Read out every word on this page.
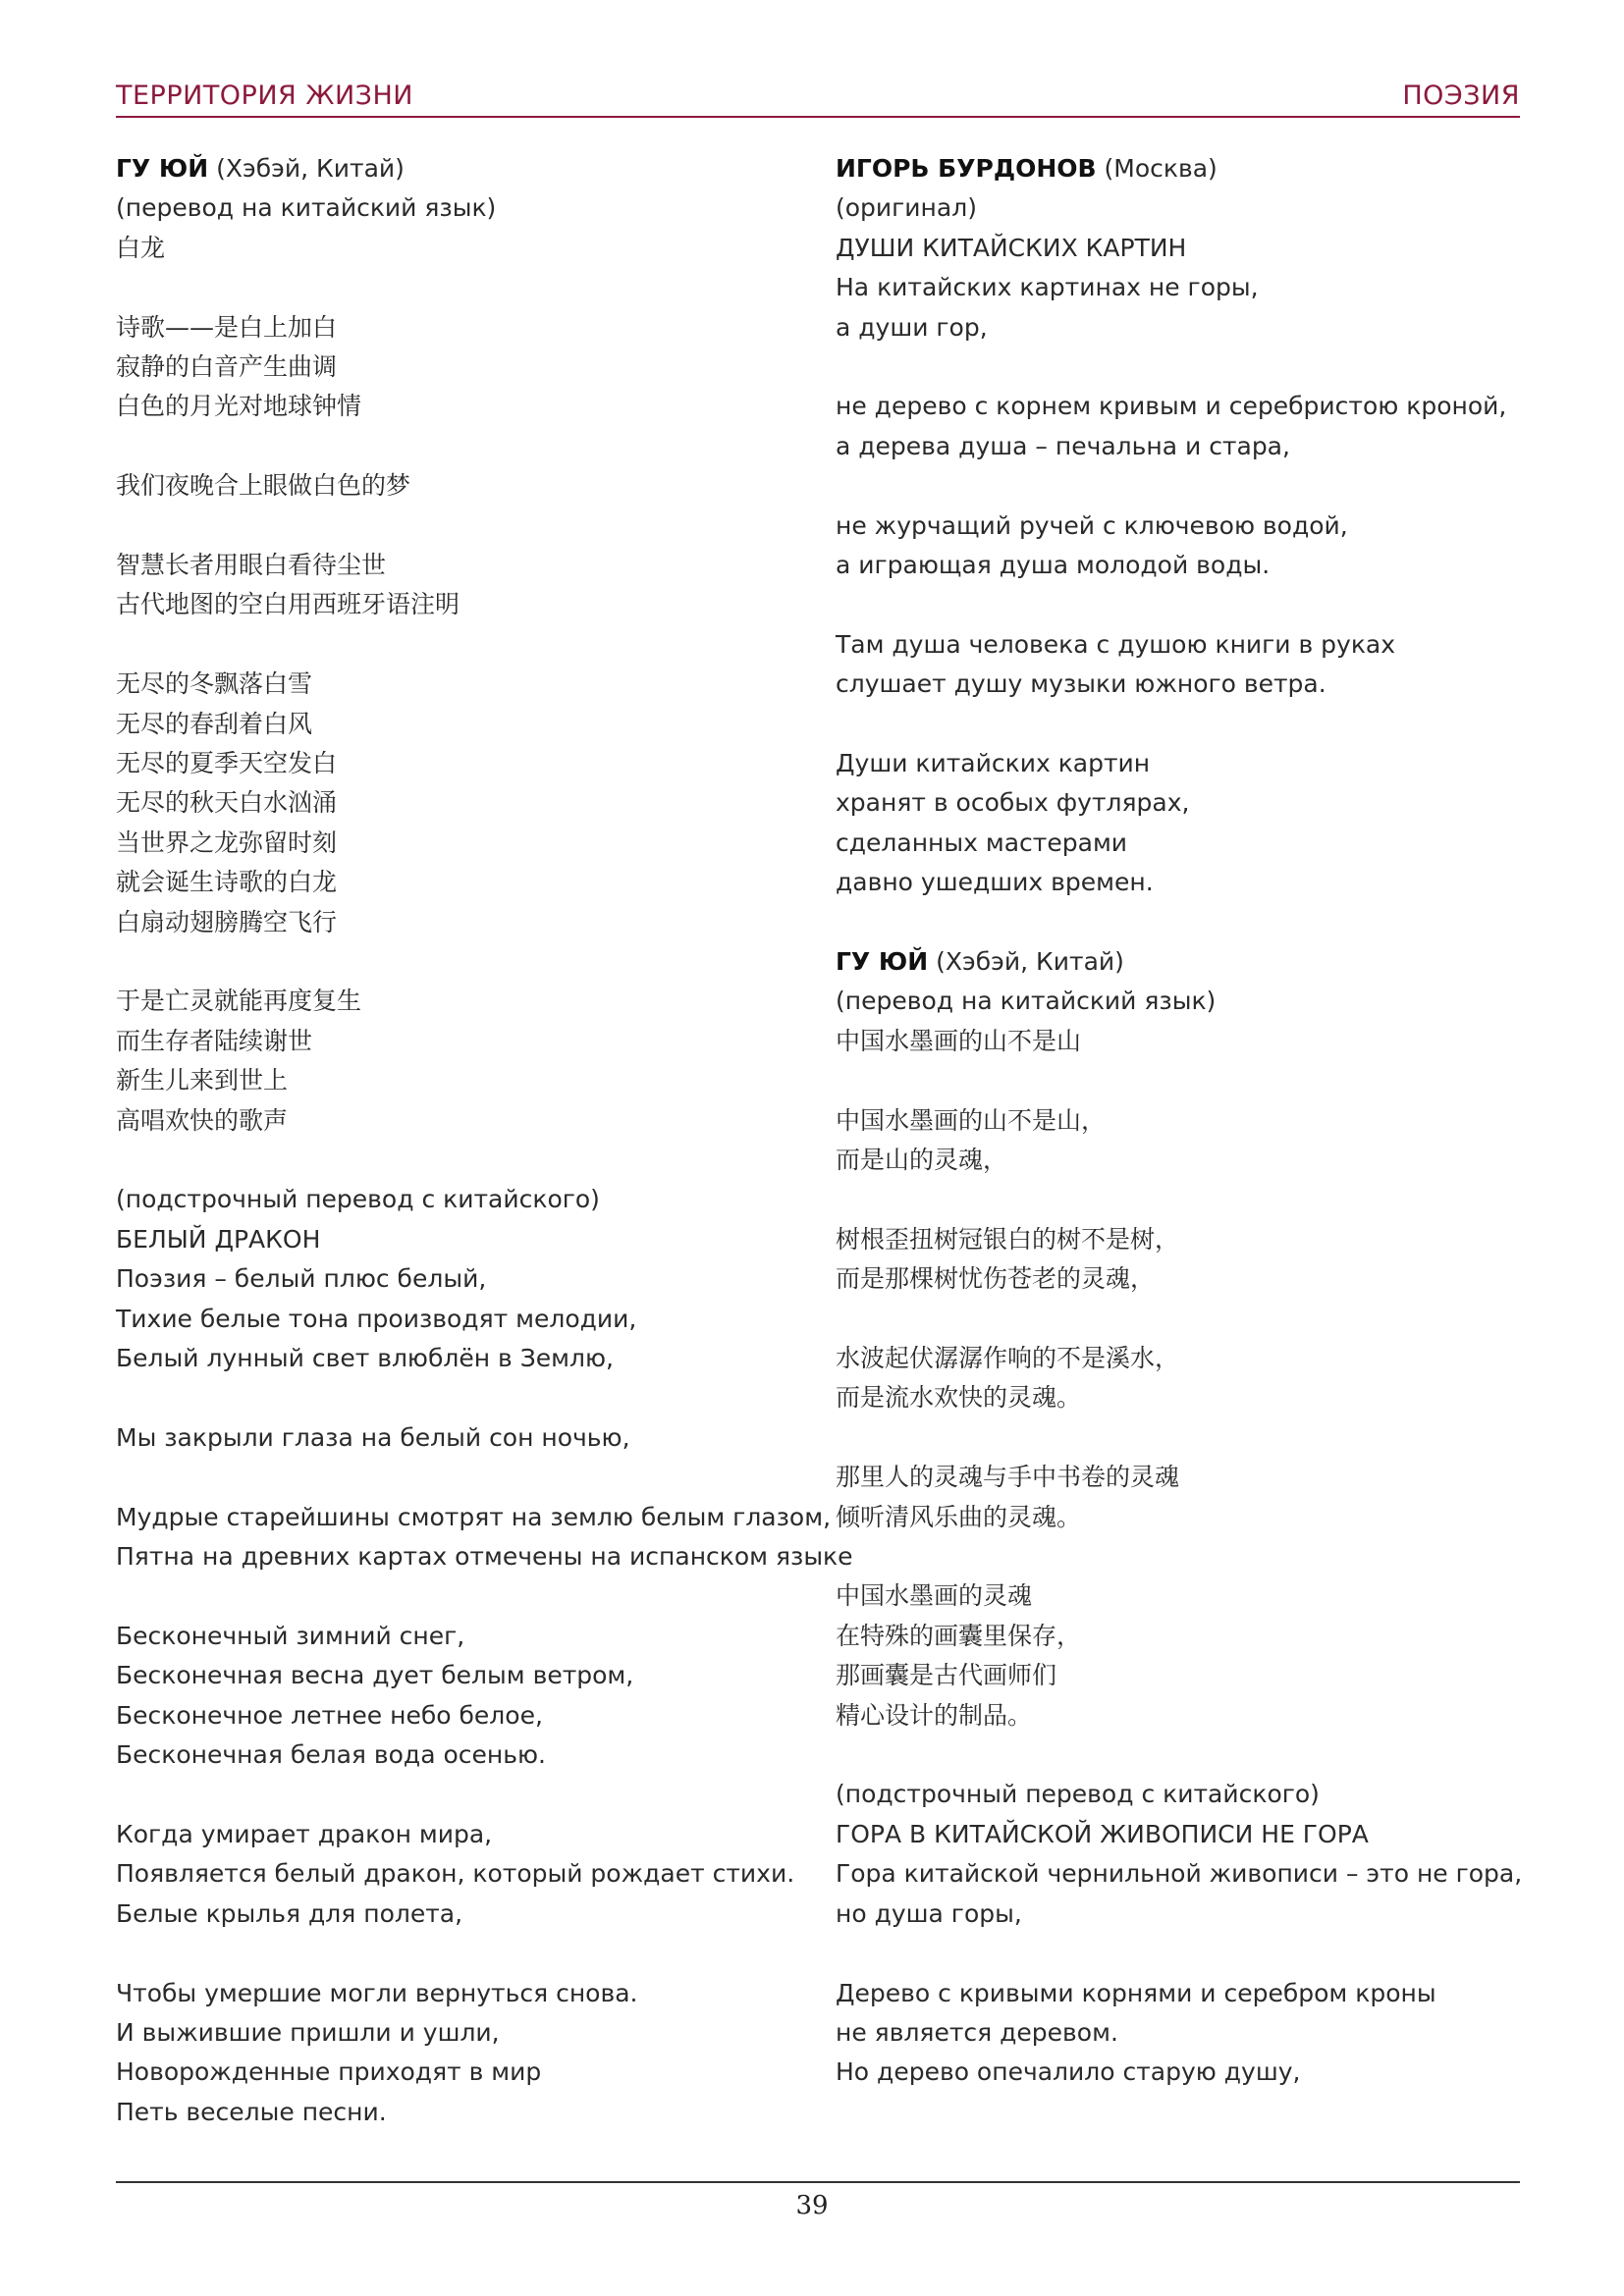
ТЕРРИТОРИЯ ЖИЗНИ	ПОЭЗИЯ
ГУ ЮЙ (Хэбэй, Китай)
(перевод на китайский язык)
白龙
诗歌——是白上加白
寂静的白音产生曲调
白色的月光对地球钟情
我们夜晚合上眼做白色的梦
智慧长者用眼白看待尘世
古代地图的空白用西班牙语注明
无尽的冬飘落白雪
无尽的春刮着白风
无尽的夏季天空发白
无尽的秋天白水汹涌
当世界之龙弥留时刻
就会诞生诗歌的白龙
白扇动翅膀腾空飞行
于是亡灵就能再度复生
而生存者陆续谢世
新生儿来到世上
高唱欢快的歌声
(подстрочный перевод с китайского)
БЕЛЫЙ ДРАКОН
Поэзия – белый плюс белый,
Тихие белые тона производят мелодии,
Белый лунный свет влюблён в Землю,
Мы закрыли глаза на белый сон ночью,
Мудрые старейшины смотрят на землю белым глазом,
Пятна на древних картах отмечены на испанском языке
Бесконечный зимний снег,
Бесконечная весна дует белым ветром,
Бесконечное летнее небо белое,
Бесконечная белая вода осенью.
Когда умирает дракон мира,
Появляется белый дракон, который рождает стихи.
Белые крылья для полета,
Чтобы умершие могли вернуться снова.
И выжившие пришли и ушли,
Новорожденные приходят в мир
Петь веселые песни.
ИГОРЬ БУРДОНОВ (Москва)
(оригинал)
ДУШИ КИТАЙСКИХ КАРТИН
На китайских картинах не горы,
а души гор,
не дерево с корнем кривым и серебристою кроной,
а дерева душа – печальна и стара,
не журчащий ручей с ключевою водой,
а играющая душа молодой воды.
Там душа человека с душою книги в руках
слушает душу музыки южного ветра.
Души китайских картин
хранят в особых футлярах,
сделанных мастерами
давно ушедших времен.
ГУ ЮЙ (Хэбэй, Китай)
(перевод на китайский язык)
中国水墨画的山不是山
中国水墨画的山不是山，
而是山的灵魂，
树根歪扭树冠银白的树不是树，
而是那棵树忧伤苍老的灵魂，
水波起伏潺潺作响的不是溪水，
而是流水欢快的灵魂。
那里人的灵魂与手中书卷的灵魂
倾听清风乐曲的灵魂。
中国水墨画的灵魂
在特殊的画囊里保存，
那画囊是古代画师们
精心设计的制品。
(подстрочный перевод с китайского)
ГОРА В КИТАЙСКОЙ ЖИВОПИСИ НЕ ГОРА
Гора китайской чернильной живописи – это не гора,
но душа горы,
Дерево с кривыми корнями и серебром кроны
не является деревом.
Но дерево опечалило старую душу,
39
